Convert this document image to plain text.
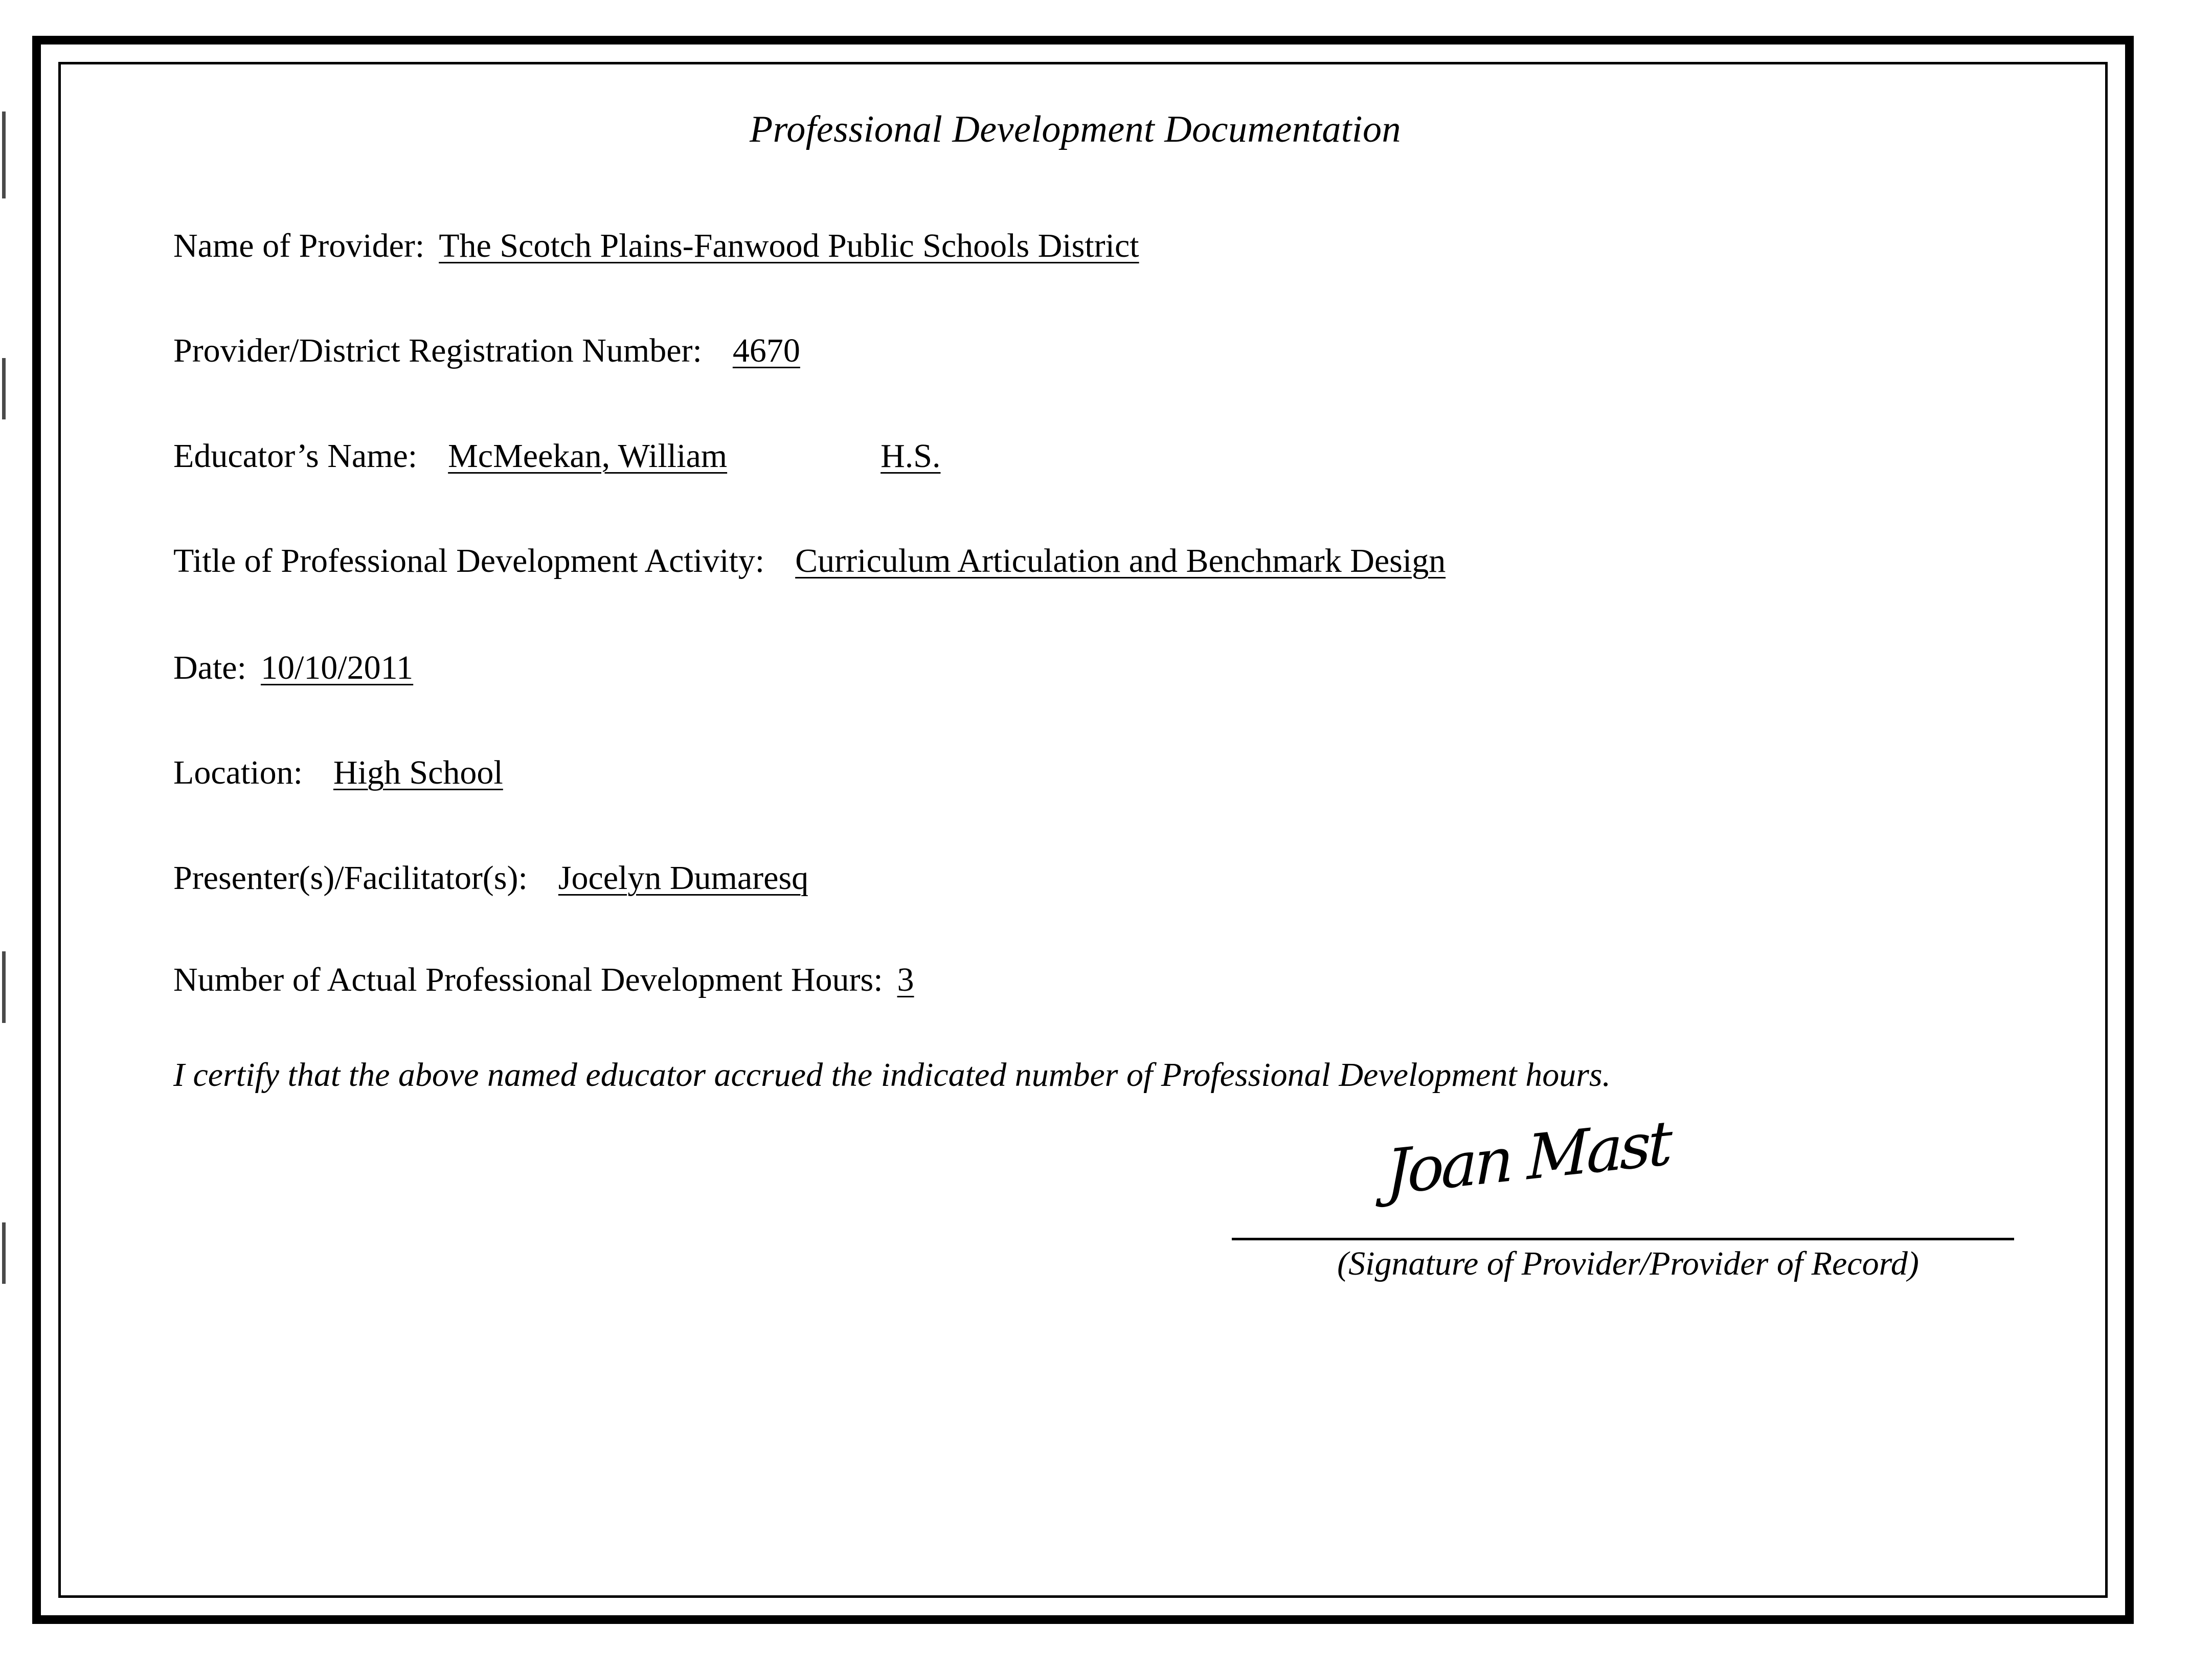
Professional Development Documentation
Name of Provider: The Scotch Plains-Fanwood Public Schools District
Provider/District Registration Number: 4670
Educator’s Name: McMeekan, William	H.S.
Title of Professional Development Activity: Curriculum Articulation and Benchmark Design
Date: 10/10/2011
Location: High School
Presenter(s)/Facilitator(s): Jocelyn Dumaresq
Number of Actual Professional Development Hours: 3
I certify that the above named educator accrued the indicated number of Professional Development hours.
Joan Mast
(Signature of Provider/Provider of Record)
